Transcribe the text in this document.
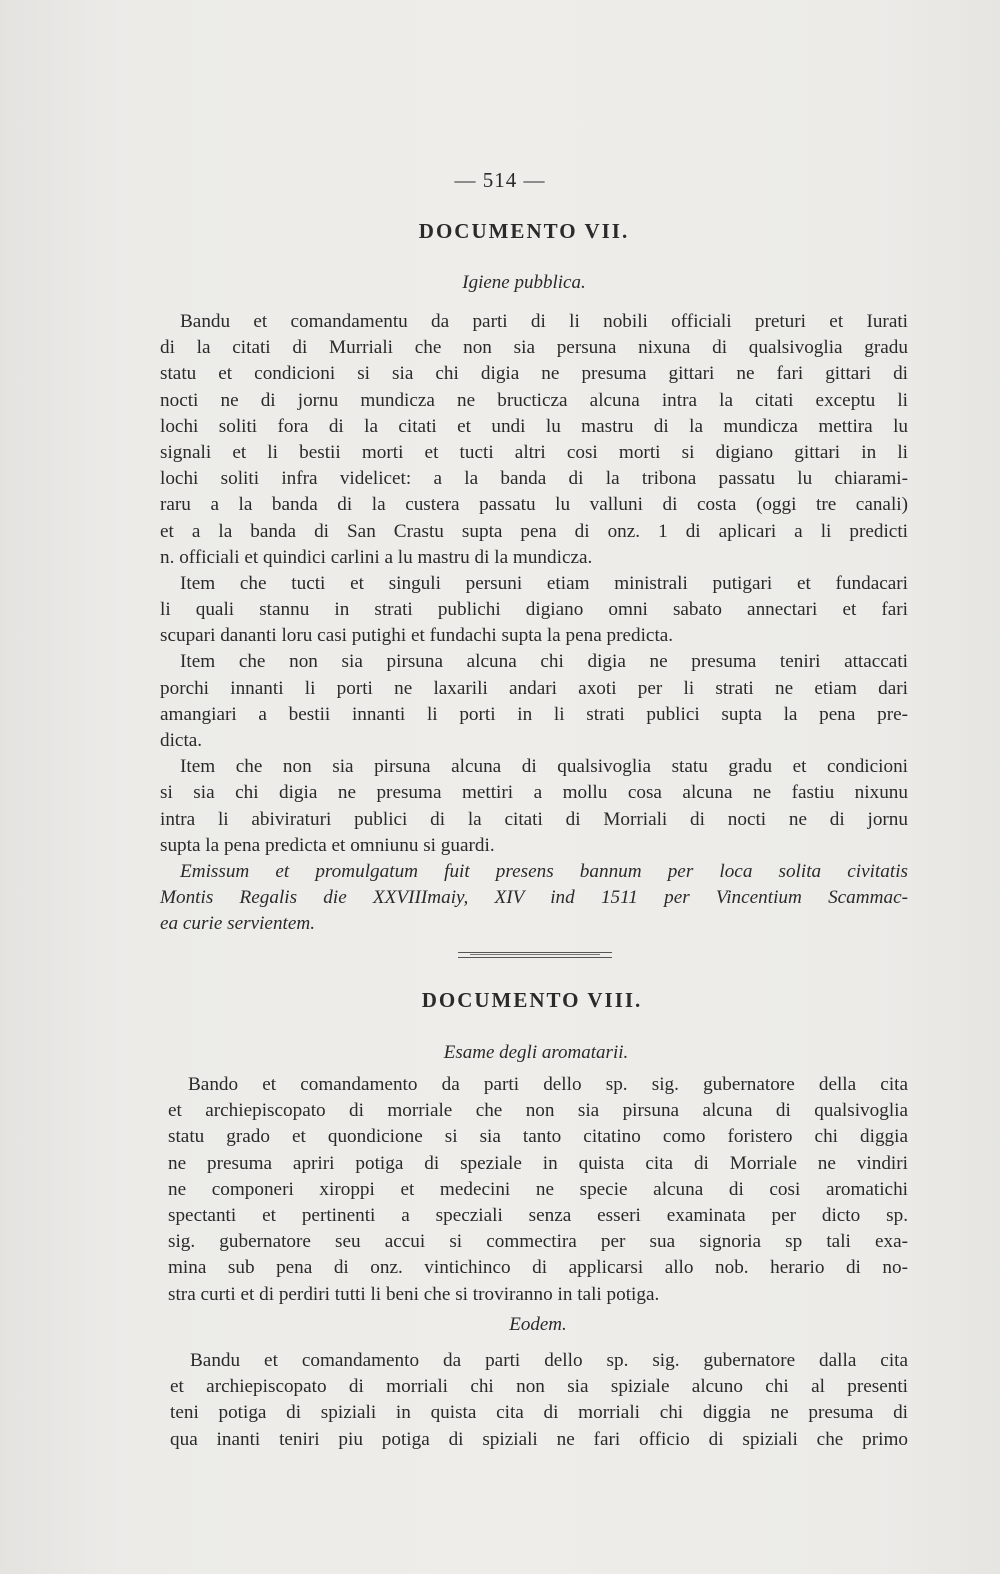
— 514 —
DOCUMENTO VII.
Igiene pubblica.
Bandu et comandamentu da parti di li nobili officiali preturi et Iurati
di la citati di Murriali che non sia persuna nixuna di qualsivoglia gradu
statu et condicioni si sia chi digia ne presuma gittari ne fari gittari di
nocti ne di jornu mundicza ne bructicza alcuna intra la citati exceptu li
lochi soliti fora di la citati et undi lu mastru di la mundicza mettira lu
signali et li bestii morti et tucti altri cosi morti si digiano gittari in li
lochi soliti infra videlicet: a la banda di la tribona passatu lu chiarami-
raru a la banda di la custera passatu lu valluni di costa (oggi tre canali)
et a la banda di San Crastu supta pena di onz. 1 di aplicari a li predicti
n. officiali et quindici carlini a lu mastru di la mundicza.
Item che tucti et singuli persuni etiam ministrali putigari et fundacari
li quali stannu in strati publichi digiano omni sabato annectari et fari
scupari dananti loru casi putighi et fundachi supta la pena predicta.
Item che non sia pirsuna alcuna chi digia ne presuma teniri attaccati
porchi innanti li porti ne laxarili andari axoti per li strati ne etiam dari
amangiari a bestii innanti li porti in li strati publici supta la pena pre-
dicta.
Item che non sia pirsuna alcuna di qualsivoglia statu gradu et condicioni
si sia chi digia ne presuma mettiri a mollu cosa alcuna ne fastiu nixunu
intra li abiviraturi publici di la citati di Morriali di nocti ne di jornu
supta la pena predicta et omniunu si guardi.
Emissum et promulgatum fuit presens bannum per loca solita civitatis
Montis Regalis die XXVIIImaiy, XIV ind 1511 per Vincentium Scammac-
ea curie servientem.
DOCUMENTO VIII.
Esame degli aromatarii.
Bando et comandamento da parti dello sp. sig. gubernatore della cita
et archiepiscopato di morriale che non sia pirsuna alcuna di qualsivoglia
statu grado et quondicione si sia tanto citatino como foristero chi diggia
ne presuma apriri potiga di speziale in quista cita di Morriale ne vindiri
ne componeri xiroppi et medecini ne specie alcuna di cosi aromatichi
spectanti et pertinenti a specziali senza esseri examinata per dicto sp.
sig. gubernatore seu accui si commectira per sua signoria sp tali exa-
mina sub pena di onz. vintichinco di applicarsi allo nob. herario di no-
stra curti et di perdiri tutti li beni che si troviranno in tali potiga.
Eodem.
Bandu et comandamento da parti dello sp. sig. gubernatore dalla cita
et archiepiscopato di morriali chi non sia spiziale alcuno chi al presenti
teni potiga di spiziali in quista cita di morriali chi diggia ne presuma di
qua inanti teniri piu potiga di spiziali ne fari officio di spiziali che primo
